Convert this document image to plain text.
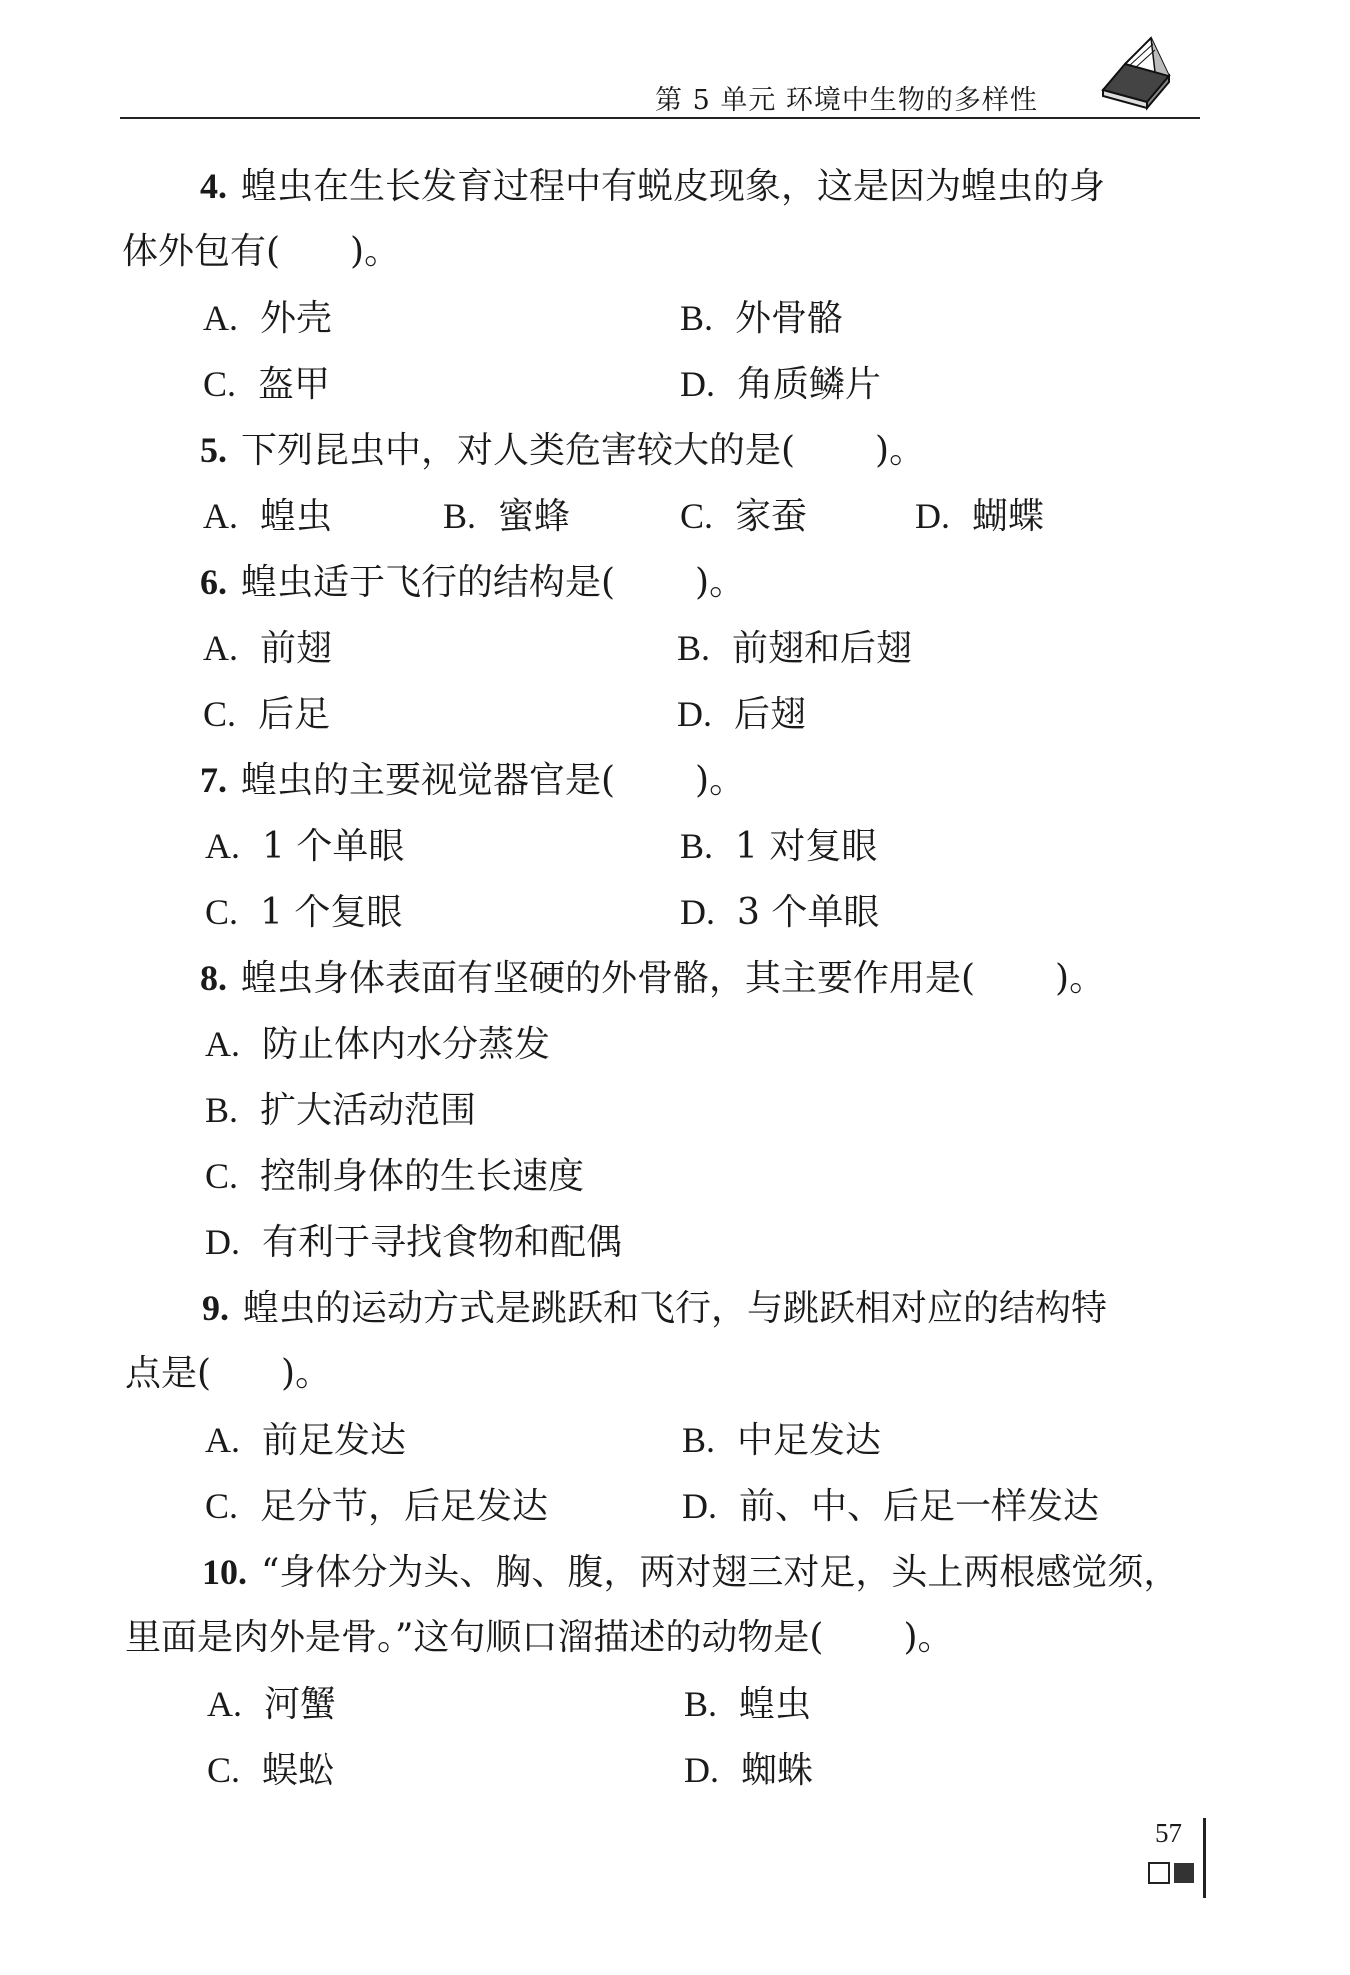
第 5 单元 环境中生物的多样性
4. 蝗虫在生长发育过程中有蜕皮现象，这是因为蝗虫的身
体外包有( )。
A. 外壳	B. 外骨骼
C. 盔甲	D. 角质鳞片
5. 下列昆虫中，对人类危害较大的是( )。
A. 蝗虫	B. 蜜蜂	C. 家蚕	D. 蝴蝶
6. 蝗虫适于飞行的结构是( )。
A. 前翅	B. 前翅和后翅
C. 后足	D. 后翅
7. 蝗虫的主要视觉器官是( )。
A. 1 个单眼	B. 1 对复眼
C. 1 个复眼	D. 3 个单眼
8. 蝗虫身体表面有坚硬的外骨骼，其主要作用是( )。
A. 防止体内水分蒸发
B. 扩大活动范围
C. 控制身体的生长速度
D. 有利于寻找食物和配偶
9. 蝗虫的运动方式是跳跃和飞行，与跳跃相对应的结构特
点是( )。
A. 前足发达	B. 中足发达
C. 足分节，后足发达	D. 前、中、后足一样发达
10. “身体分为头、胸、腹，两对翅三对足，头上两根感觉须，
里面是肉外是骨。”这句顺口溜描述的动物是( )。
A. 河蟹	B. 蝗虫
C. 蜈蚣	D. 蜘蛛
57
